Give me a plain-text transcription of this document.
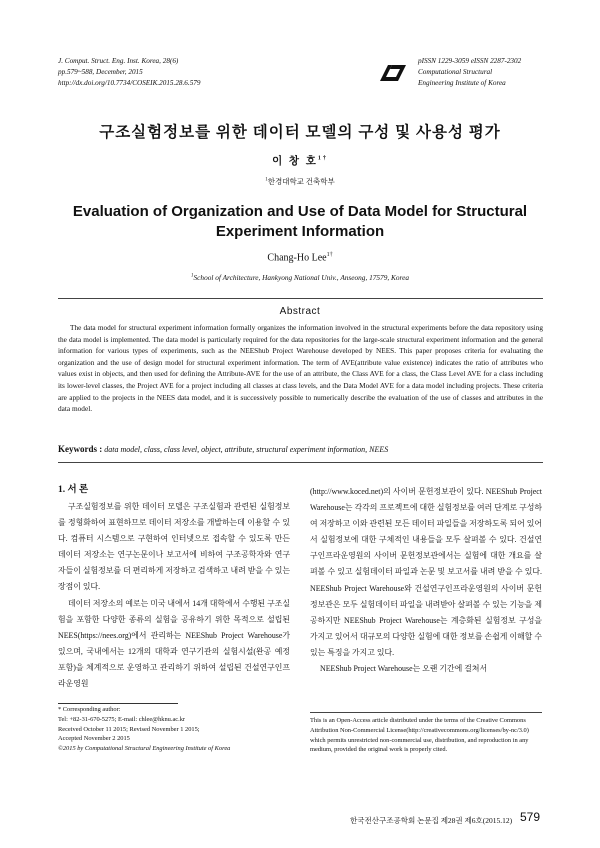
J. Comput. Struct. Eng. Inst. Korea, 28(6)
pp.579~588, December, 2015
http://dx.doi.org/10.7734/COSEIK.2015.28.6.579
pISSN 1229-3059 eISSN 2287-2302
Computational Structural
Engineering Institute of Korea
구조실험정보를 위한 데이터 모델의 구성 및 사용성 평가
이 창 호$^{1\dagger}$
$^1$한경대학교 건축학부
Evaluation of Organization and Use of Data Model for Structural Experiment Information
Chang-Ho Lee$^{1\dagger}$
$^1$School of Architecture, Hankyong National Univ., Anseong, 17579, Korea
Abstract
The data model for structural experiment information formally organizes the information involved in the structural experiments before the data repository using the data model is implemented. The data model is particularly required for the data repositories for the large-scale structural experiment information and the general information for various types of experiments, such as the NEEShub Project Warehouse developed by NEES. This paper proposes criteria for evaluating the organization and the use of design model for structural experiment information. The term of AVE(attribute value existence) indicates the ratio of attributes who values exist in objects, and then used for defining the Attribute-AVE for the use of an attribute, the Class AVE for a class, the Class Level AVE for a class including its lower-level classes, the Project AVE for a project including all classes at class levels, and the Data Model AVE for a data model including projects. These criteria are applied to the projects in the NEES data model, and it is successively possible to numerically describe the evaluation of the use of classes and attributes in the data model.
Keywords : data model, class, class level, object, attribute, structural experiment information, NEES
1. 서 론

구조실험정보를 위한 데이터 모델은 구조실험과 관련된 실험정보를 정형화하여 표현하므로 데이터 저장소를 개발하는데 이용할 수 있다. 컴퓨터 시스템으로 구현하여 인터넷으로 접속할 수 있도록 만든 데이터 저장소는 연구논문이나 보고서에 비하여 구조공학자와 연구자들이 실험정보를 더 편리하게 저장하고 검색하고 내려 받을 수 있는 장점이 있다.

데이터 저장소의 예로는 미국 내에서 14개 대학에서 수행된 구조실험을 포함한 다양한 종류의 실험을 공유하기 위한 목적으로 설립된 NEES(https://nees.org)에서 관리하는 NEEShub Project Warehouse가 있으며, 국내에서는 12개의 대학과 연구기관의 실험시설(완공 예정 포함)을 체계적으로 운영하고 관리하기 위하여 설립된 건설연구인프라운영원

(http://www.koced.net)의 사이버 문헌정보관이 있다. NEEShub Project Warehouse는 각각의 프로젝트에 대한 실험정보를 여러 단계로 구성하여 저장하고 이와 관련된 모든 데이터 파일들을 저장하도록 되어 있어서 실험정보에 대한 구체적인 내용들을 모두 살펴볼 수 있다. 건설연구인프라운영원의 사이버 문헌정보관에서는 실험에 대한 개요를 살펴볼 수 있고 실험데이터 파일과 논문 및 보고서를 내려 받을 수 있다. NEEShub Project Warehouse와 건설연구인프라운영원의 사이버 문헌정보관은 모두 실험데이터 파일을 내려받아 살펴볼 수 있는 기능을 제공하지만 NEEShub Project Warehouse는 계층화된 실험정보 구성을 가지고 있어서 대규모의 다양한 실험에 대한 정보를 손쉽게 이해할 수 있는 특징을 가지고 있다.

NEEShub Project Warehouse는 오랜 기간에 걸쳐서

* Corresponding author:
Tel: +82-31-670-5275; E-mail: chlee@hknu.ac.kr
Received October 11 2015; Revised November 1 2015;
Accepted November 2 2015
©2015 by Computational Structural Engineering Institute of Korea
This is an Open-Access article distributed under the terms of the Creative Commons Attribution Non-Commercial License(http://creativecommons.org/licenses/by-nc/3.0) which permits unrestricted non-commercial use, distribution, and reproduction in any medium, provided the original work is properly cited.
한국전산구조공학회 논문집 제28권 제6호(2015.12) 579
